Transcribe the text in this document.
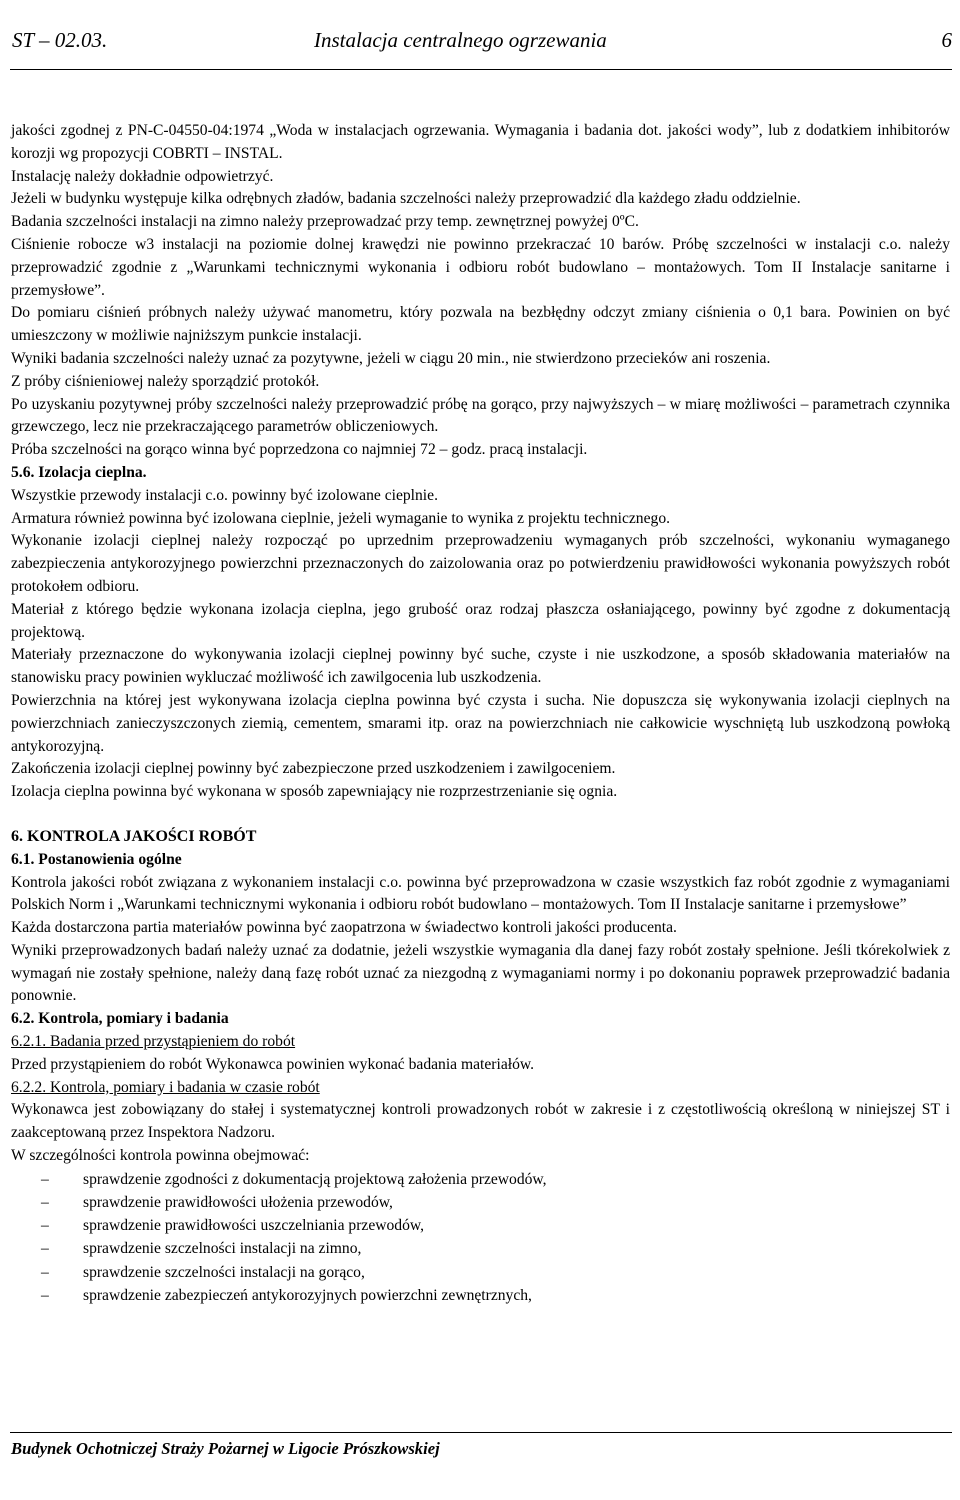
ST – 02.03.	Instalacja centralnego ogrzewania	6

jakości zgodnej z PN-C-04550-04:1974 „Woda w instalacjach ogrzewania. Wymagania i badania dot. jakości wody”, lub z dodatkiem inhibitorów korozji wg propozycji COBRTI – INSTAL.

Instalację należy dokładnie odpowietrzyć.

Jeżeli w budynku występuje kilka odrębnych zładów, badania szczelności należy przeprowadzić dla każdego zładu oddzielnie.

Badania szczelności instalacji na zimno należy przeprowadzać przy temp. zewnętrznej powyżej 0ºC.

Ciśnienie robocze w3 instalacji na poziomie dolnej krawędzi nie powinno przekraczać 10 barów. Próbę szczelności w instalacji c.o. należy przeprowadzić zgodnie z „Warunkami technicznymi wykonania i odbioru robót budowlano – montażowych. Tom II Instalacje sanitarne i przemysłowe”.

Do pomiaru ciśnień próbnych należy używać manometru, który pozwala na bezbłędny odczyt zmiany ciśnienia o 0,1 bara. Powinien on być umieszczony w możliwie najniższym punkcie instalacji.

Wyniki badania szczelności należy uznać za pozytywne, jeżeli w ciągu 20 min., nie stwierdzono przecieków ani roszenia.

Z próby ciśnieniowej należy sporządzić protokół.

Po uzyskaniu pozytywnej próby szczelności należy przeprowadzić próbę na gorąco, przy najwyższych – w miarę możliwości – parametrach czynnika grzewczego, lecz nie przekraczającego parametrów obliczeniowych.

Próba szczelności na gorąco winna być poprzedzona co najmniej 72 – godz. pracą instalacji.

5.6. Izolacja cieplna.

Wszystkie przewody instalacji c.o. powinny być izolowane cieplnie.

Armatura również powinna być izolowana cieplnie, jeżeli wymaganie to wynika z projektu technicznego.

Wykonanie izolacji cieplnej należy rozpocząć po uprzednim przeprowadzeniu wymaganych prób szczelności, wykonaniu wymaganego zabezpieczenia antykorozyjnego powierzchni przeznaczonych do zaizolowania oraz po potwierdzeniu prawidłowości wykonania powyższych robót protokołem odbioru.

Materiał z którego będzie wykonana izolacja cieplna, jego grubość oraz rodzaj płaszcza osłaniającego, powinny być zgodne z dokumentacją projektową.

Materiały przeznaczone do wykonywania izolacji cieplnej powinny być suche, czyste i nie uszkodzone, a sposób składowania materiałów na stanowisku pracy powinien wykluczać możliwość ich zawilgocenia lub uszkodzenia.

Powierzchnia na której jest wykonywana izolacja cieplna powinna być czysta i sucha. Nie dopuszcza się wykonywania izolacji cieplnych na powierzchniach zanieczyszczonych ziemią, cementem, smarami itp. oraz na powierzchniach nie całkowicie wyschniętą lub uszkodzoną powłoką antykorozyjną.

Zakończenia izolacji cieplnej powinny być zabezpieczone przed uszkodzeniem i zawilgoceniem.

Izolacja cieplna powinna być wykonana w sposób zapewniający nie rozprzestrzenianie się ognia.

6. KONTROLA JAKOŚCI ROBÓT

6.1. Postanowienia ogólne

Kontrola jakości robót związana z wykonaniem instalacji c.o. powinna być przeprowadzona w czasie wszystkich faz robót zgodnie z wymaganiami Polskich Norm i „Warunkami technicznymi wykonania i odbioru robót budowlano – montażowych. Tom II Instalacje sanitarne i przemysłowe”

Każda dostarczona partia materiałów powinna być zaopatrzona w świadectwo kontroli jakości producenta.

Wyniki przeprowadzonych badań należy uznać za dodatnie, jeżeli wszystkie wymagania dla danej fazy robót zostały spełnione. Jeśli tkórekolwiek z wymagań nie zostały spełnione, należy daną fazę robót uznać za niezgodną z wymaganiami normy i po dokonaniu poprawek przeprowadzić badania ponownie.

6.2. Kontrola, pomiary i badania

6.2.1. Badania przed przystąpieniem do robót

Przed przystąpieniem do robót Wykonawca powinien wykonać badania materiałów.

6.2.2. Kontrola, pomiary i badania w czasie robót

Wykonawca jest zobowiązany do stałej i systematycznej kontroli prowadzonych robót w zakresie i z częstotliwością określoną w niniejszej ST i zaakceptowaną przez Inspektora Nadzoru.

W szczególności kontrola powinna obejmować:

– sprawdzenie zgodności z dokumentacją projektową założenia przewodów,
– sprawdzenie prawidłowości ułożenia przewodów,
– sprawdzenie prawidłowości uszczelniania przewodów,
– sprawdzenie szczelności instalacji na zimno,
– sprawdzenie szczelności instalacji na gorąco,
– sprawdzenie zabezpieczeń antykorozyjnych powierzchni zewnętrznych,
Budynek Ochotniczej Straży Pożarnej w Ligocie Prószkowskiej
